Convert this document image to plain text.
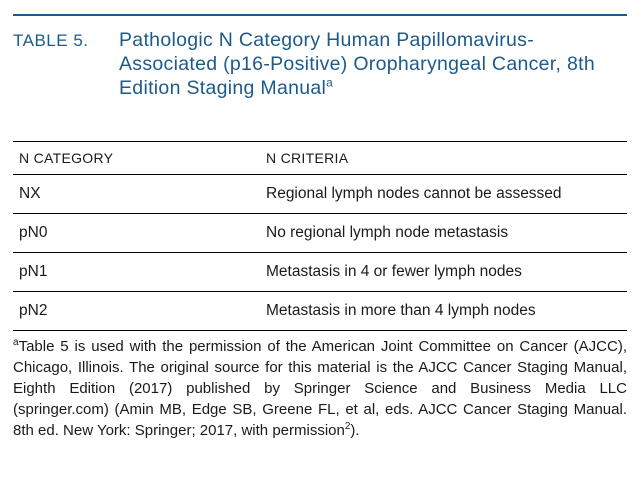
TABLE 5. Pathologic N Category Human Papillomavirus-Associated (p16-Positive) Oropharyngeal Cancer, 8th Edition Staging Manual$^a$
N CATEGORY	N CRITERIA
NX	Regional lymph nodes cannot be assessed
pN0	No regional lymph node metastasis
pN1	Metastasis in 4 or fewer lymph nodes
pN2	Metastasis in more than 4 lymph nodes
$^a$Table 5 is used with the permission of the American Joint Committee on Cancer (AJCC), Chicago, Illinois. The original source for this material is the AJCC Cancer Staging Manual, Eighth Edition (2017) published by Springer Science and Business Media LLC (springer.com) (Amin MB, Edge SB, Greene FL, et al, eds. AJCC Cancer Staging Manual. 8th ed. New York: Springer; 2017, with permission$^2$).
